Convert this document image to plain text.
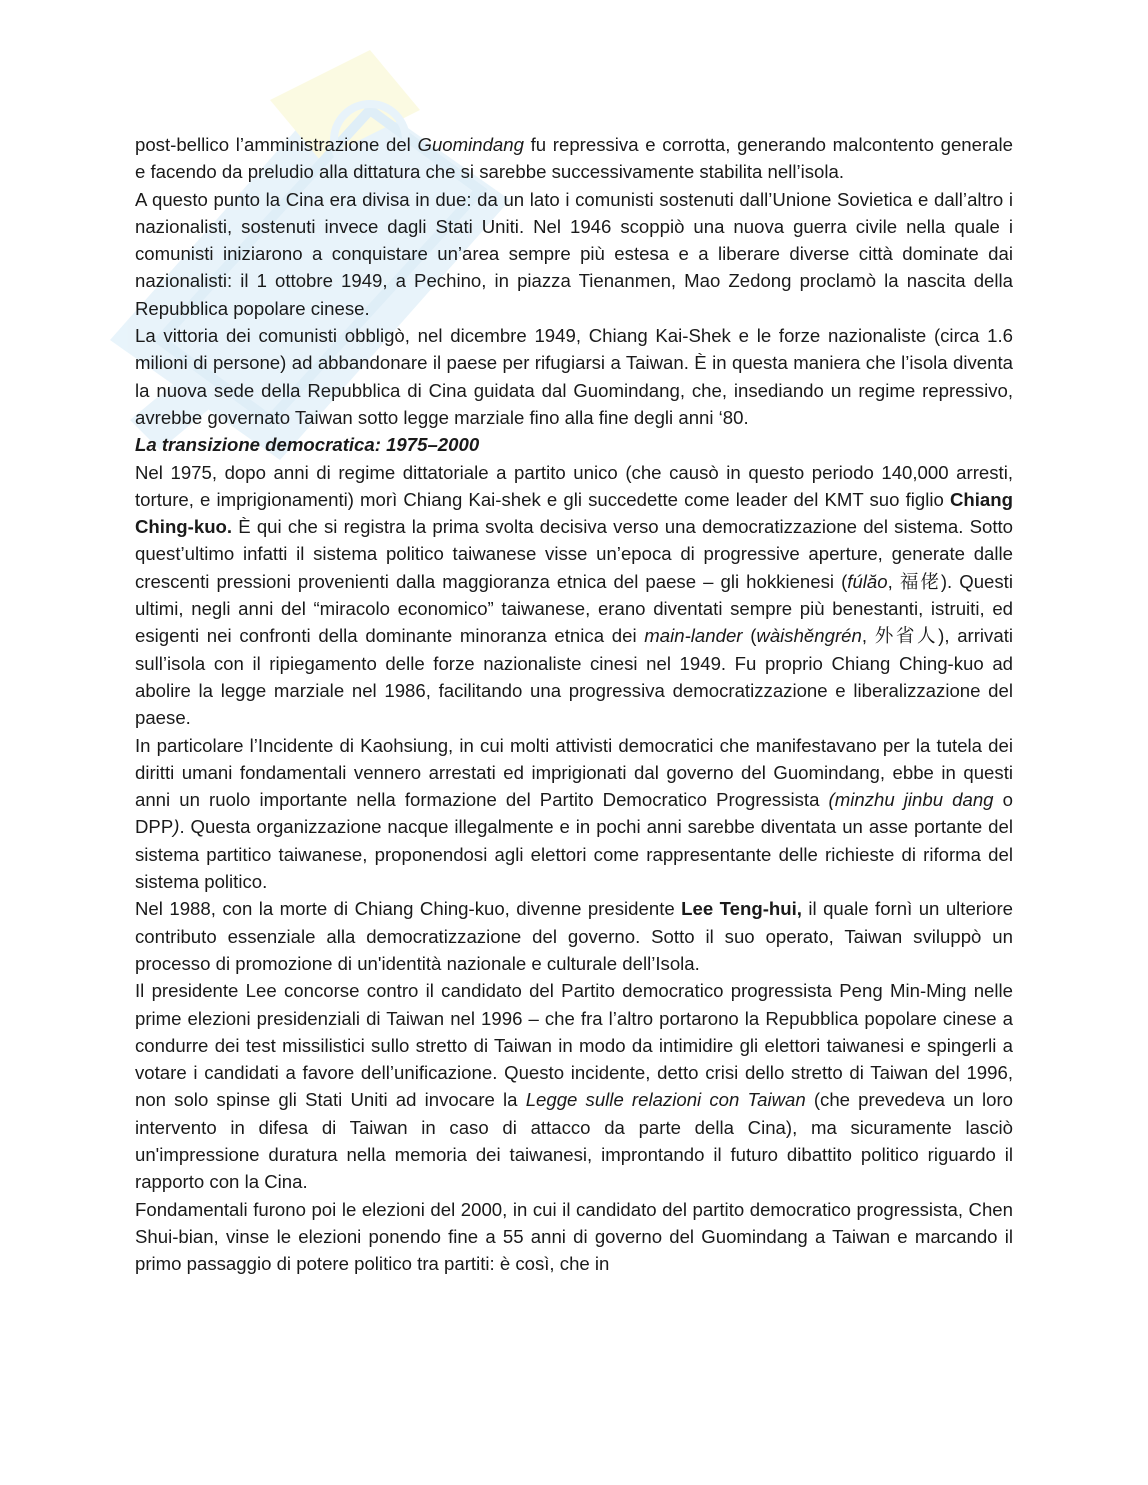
post-bellico l’amministrazione del Guomindang fu repressiva e corrotta, generando malcontento generale e facendo da preludio alla dittatura che si sarebbe successivamente stabilita nell’isola.

A questo punto la Cina era divisa in due: da un lato i comunisti sostenuti dall’Unione Sovietica e dall’altro i nazionalisti, sostenuti invece dagli Stati Uniti. Nel 1946 scoppiò una nuova guerra civile nella quale i comunisti iniziarono a conquistare un’area sempre più estesa e a liberare diverse città dominate dai nazionalisti: il 1 ottobre 1949, a Pechino, in piazza Tienanmen, Mao Zedong proclamò la nascita della Repubblica popolare cinese.

La vittoria dei comunisti obbligò, nel dicembre 1949, Chiang Kai-Shek e le forze nazionaliste (circa 1.6 milioni di persone) ad abbandonare il paese per rifugiarsi a Taiwan. È in questa maniera che l’isola diventa la nuova sede della Repubblica di Cina guidata dal Guomindang, che, insediando un regime repressivo, avrebbe governato Taiwan sotto legge marziale fino alla fine degli anni ‘80.

La transizione democratica: 1975–2000

Nel 1975, dopo anni di regime dittatoriale a partito unico (che causò in questo periodo 140,000 arresti, torture, e imprigionamenti) morì Chiang Kai-shek e gli succedette come leader del KMT suo figlio Chiang Ching-kuo. È qui che si registra la prima svolta decisiva verso una democratizzazione del sistema. Sotto quest’ultimo infatti il sistema politico taiwanese visse un’epoca di progressive aperture, generate dalle crescenti pressioni provenienti dalla maggioranza etnica del paese – gli hokkienesi (fúlăo, 福佬). Questi ultimi, negli anni del “miracolo economico” taiwanese, erano diventati sempre più benestanti, istruiti, ed esigenti nei confronti della dominante minoranza etnica dei main-lander (wàishěngrén, 外省人), arrivati sull’isola con il ripiegamento delle forze nazionaliste cinesi nel 1949. Fu proprio Chiang Ching-kuo ad abolire la legge marziale nel 1986, facilitando una progressiva democratizzazione e liberalizzazione del paese.

In particolare l’Incidente di Kaohsiung, in cui molti attivisti democratici che manifestavano per la tutela dei diritti umani fondamentali vennero arrestati ed imprigionati dal governo del Guomindang, ebbe in questi anni un ruolo importante nella formazione del Partito Democratico Progressista (minzhu jinbu dang o DPP). Questa organizzazione nacque illegalmente e in pochi anni sarebbe diventata un asse portante del sistema partitico taiwanese, proponendosi agli elettori come rappresentante delle richieste di riforma del sistema politico.

Nel 1988, con la morte di Chiang Ching-kuo, divenne presidente Lee Teng-hui, il quale fornì un ulteriore contributo essenziale alla democratizzazione del governo. Sotto il suo operato, Taiwan sviluppò un processo di promozione di un'identità nazionale e culturale dell’Isola.

Il presidente Lee concorse contro il candidato del Partito democratico progressista Peng Min-Ming nelle prime elezioni presidenziali di Taiwan nel 1996 – che fra l’altro portarono la Repubblica popolare cinese a condurre dei test missilistici sullo stretto di Taiwan in modo da intimidire gli elettori taiwanesi e spingerli a votare i candidati a favore dell’unificazione. Questo incidente, detto crisi dello stretto di Taiwan del 1996, non solo spinse gli Stati Uniti ad invocare la Legge sulle relazioni con Taiwan (che prevedeva un loro intervento in difesa di Taiwan in caso di attacco da parte della Cina), ma sicuramente lasciò un'impressione duratura nella memoria dei taiwanesi, improntando il futuro dibattito politico riguardo il rapporto con la Cina.

Fondamentali furono poi le elezioni del 2000, in cui il candidato del partito democratico progressista, Chen Shui-bian, vinse le elezioni ponendo fine a 55 anni di governo del Guomindang a Taiwan e marcando il primo passaggio di potere politico tra partiti: è così, che in
